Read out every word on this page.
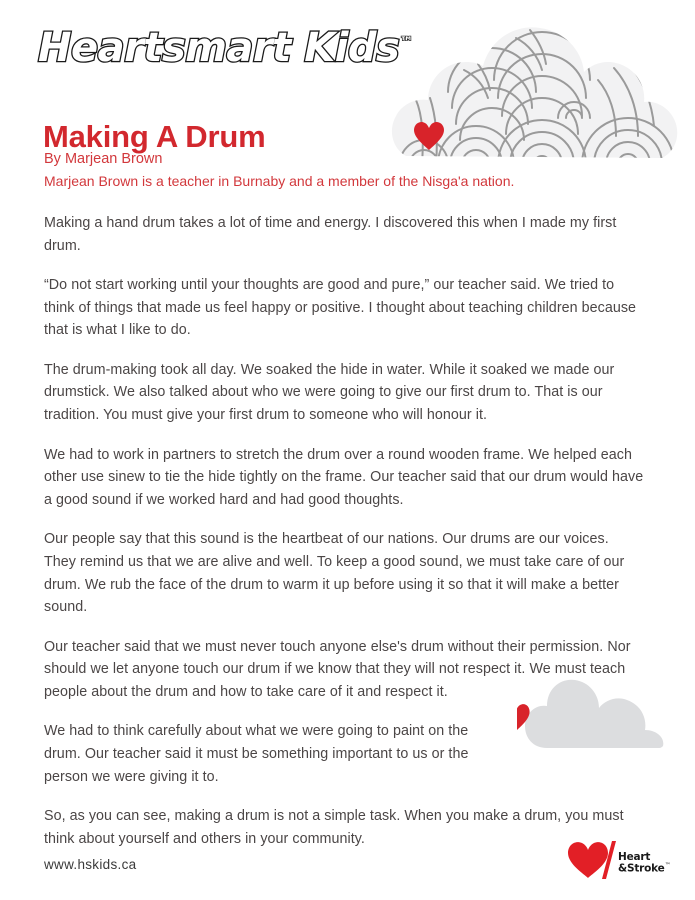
Heartsmart Kids™
Making A Drum
By Marjean Brown
Marjean Brown is a teacher in Burnaby and a member of the Nisga'a nation.

Making a hand drum takes a lot of time and energy. I discovered this when I made my first drum.

“Do not start working until your thoughts are good and pure,” our teacher said. We tried to think of things that made us feel happy or positive. I thought about teaching children because that is what I like to do.

The drum-making took all day. We soaked the hide in water. While it soaked we made our drumstick. We also talked about who we were going to give our first drum to. That is our tradition. You must give your first drum to someone who will honour it.

We had to work in partners to stretch the drum over a round wooden frame. We helped each other use sinew to tie the hide tightly on the frame. Our teacher said that our drum would have a good sound if we worked hard and had good thoughts.

Our people say that this sound is the heartbeat of our nations. Our drums are our voices. They remind us that we are alive and well. To keep a good sound, we must take care of our drum. We rub the face of the drum to warm it up before using it so that it will make a better sound.

Our teacher said that we must never touch anyone else's drum without their permission. Nor should we let anyone touch our drum if we know that they will not respect it. We must teach people about the drum and how to take care of it and respect it.

We had to think carefully about what we were going to paint on the drum. Our teacher said it must be something important to us or the person we were giving it to.

So, as you can see, making a drum is not a simple task. When you make a drum, you must think about yourself and others in your community.

www.hskids.ca	Heart
&Stroke™
